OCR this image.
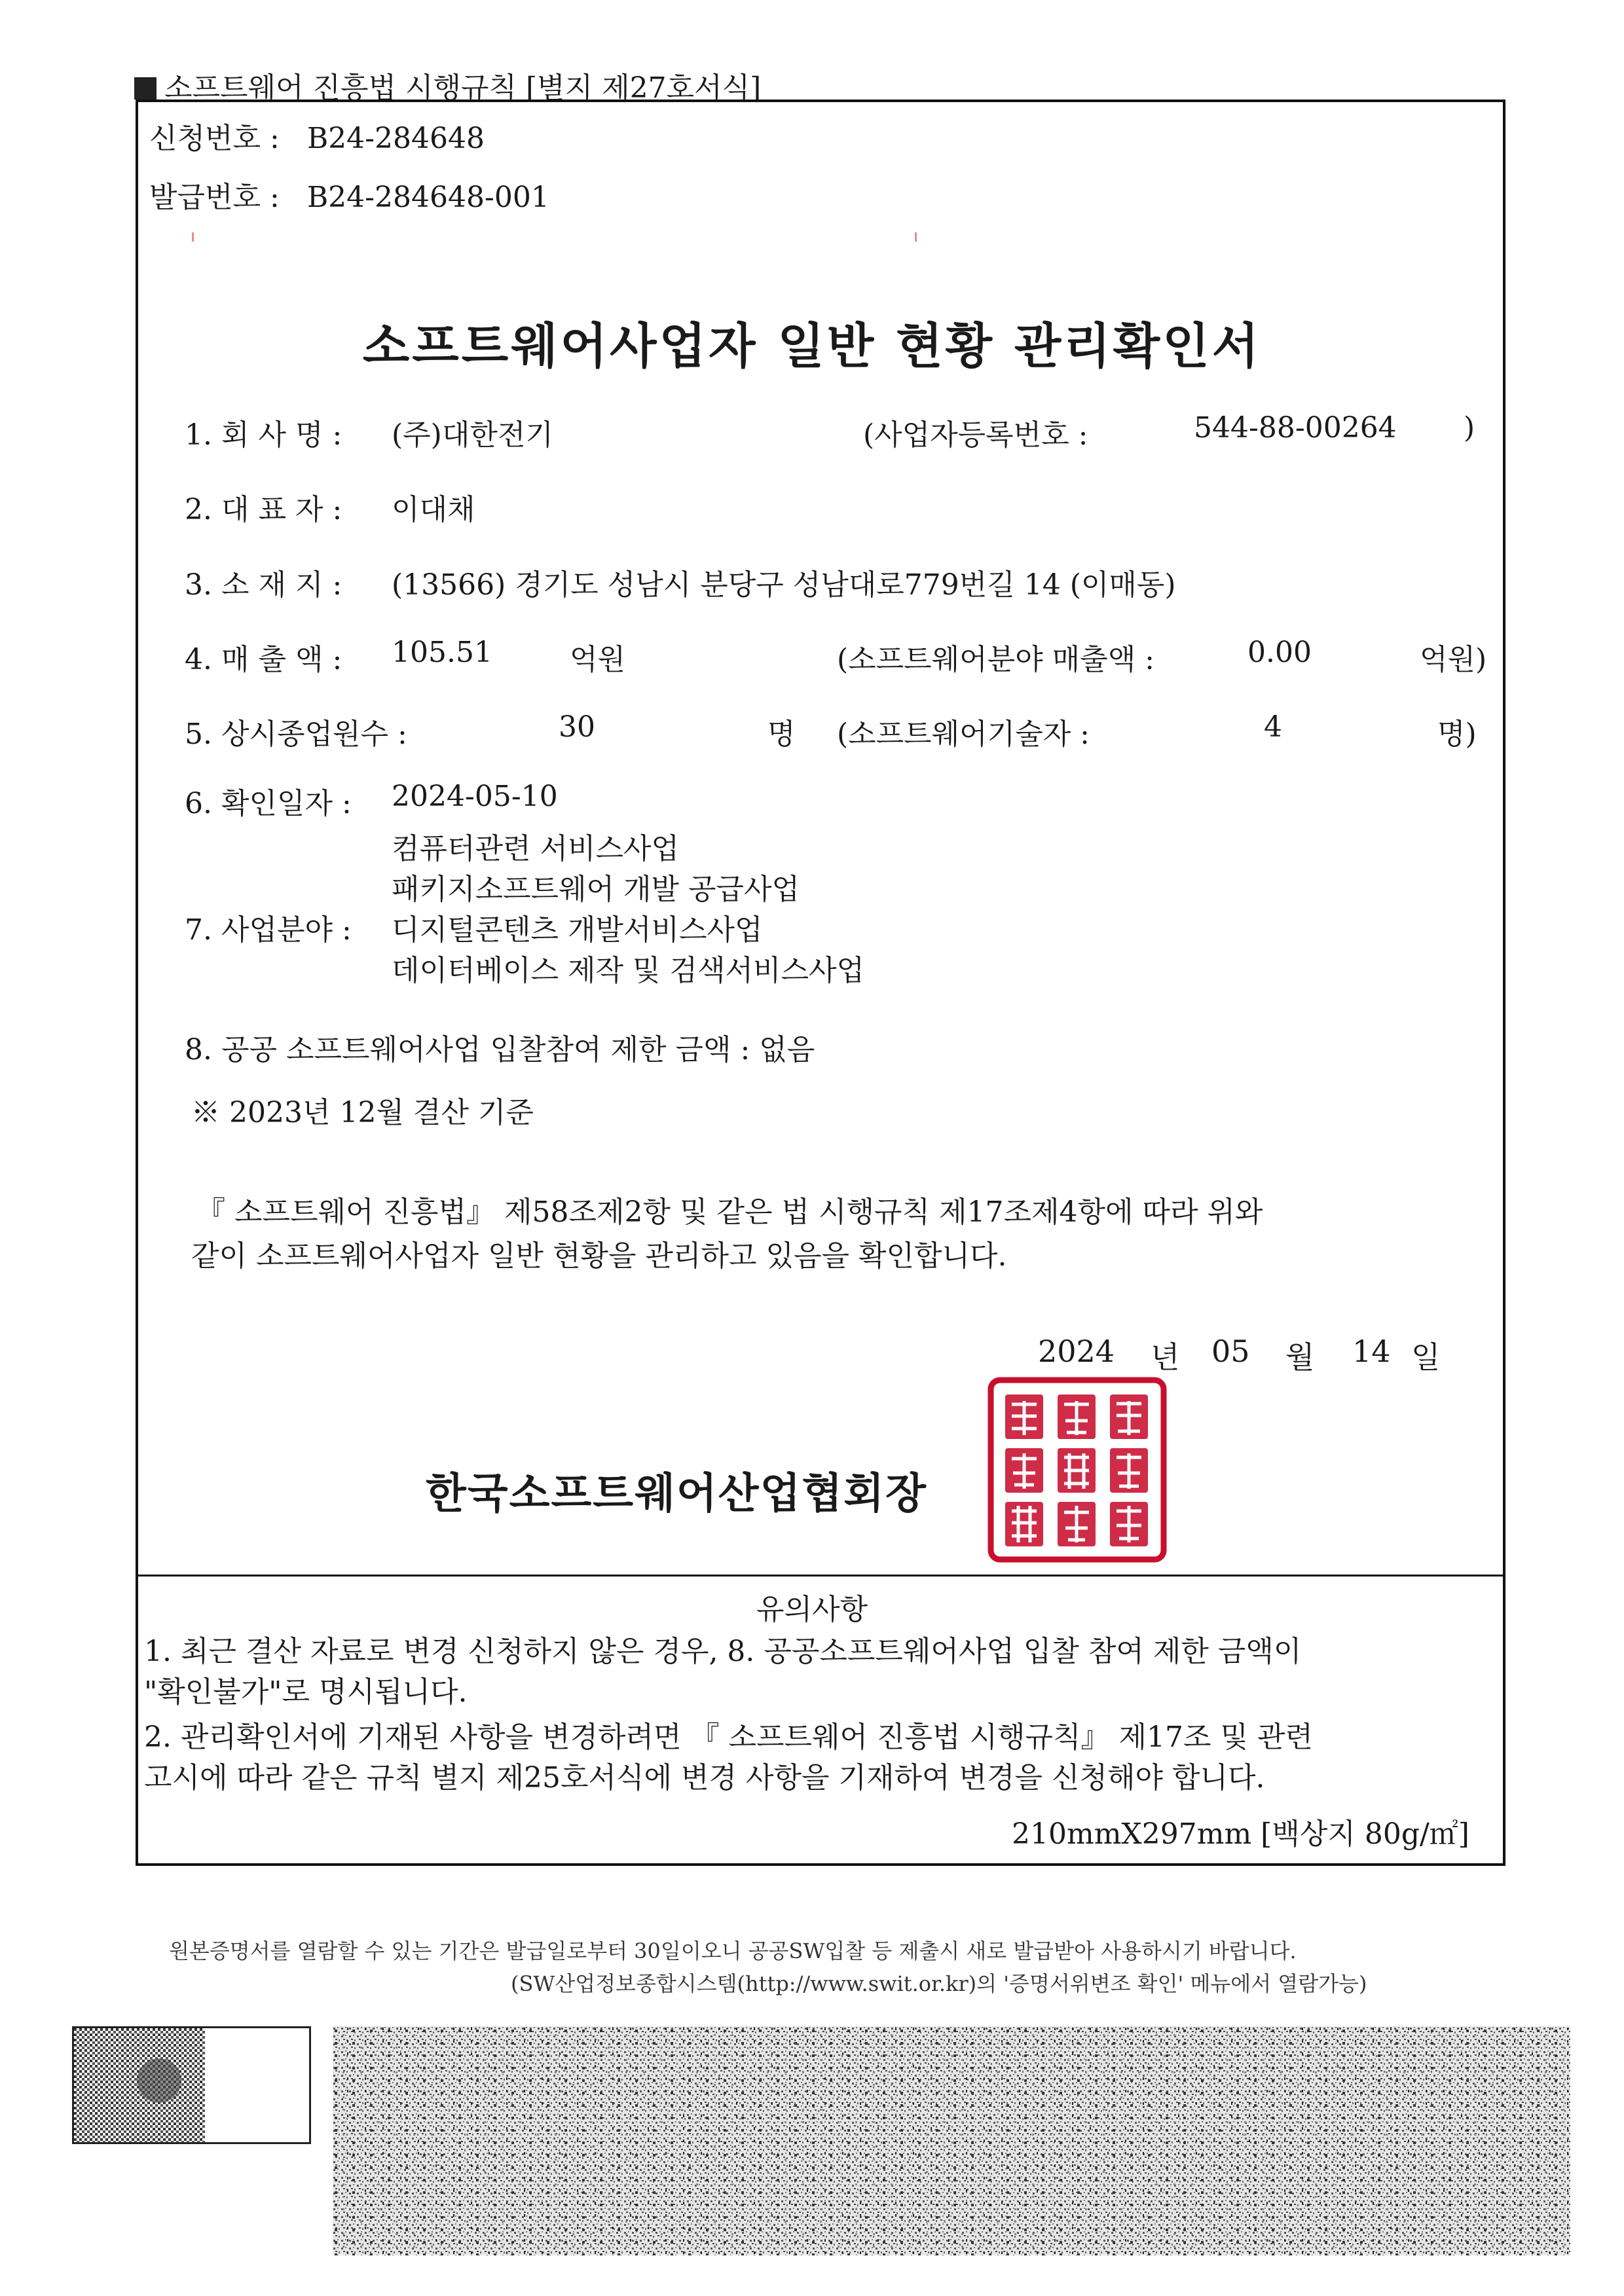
소프트웨어 진흥법 시행규칙 [별지 제27호서식]
신청번호 : B24-284648
발급번호 : B24-284648-001
소프트웨어사업자 일반 현황 관리확인서
1. 회 사 명 : (주)대한전기	(사업자등록번호 :	544-88-00264 )
2. 대 표 자 : 이대채
3. 소 재 지 : (13566) 경기도 성남시 분당구 성남대로779번길 14 (이매동)
4. 매 출 액 : 105.51	억원	(소프트웨어분야 매출액 :	0.00	억원)
5. 상시종업원수 :	30	명 (소프트웨어기술자 :	4	명)
6. 확인일자 : 2024-05-10
컴퓨터관련 서비스사업
패키지소프트웨어 개발 공급사업
7. 사업분야 : 디지털콘텐츠 개발서비스사업
데이터베이스 제작 및 검색서비스사업
8. 공공 소프트웨어사업 입찰참여 제한 금액 : 없음
※ 2023년 12월 결산 기준
『 소프트웨어 진흥법』 제58조제2항 및 같은 법 시행규칙 제17조제4항에 따라 위와
같이 소프트웨어사업자 일반 현황을 관리하고 있음을 확인합니다.
2024 년 05 월 14 일
한국소프트웨어산업협회장
유의사항
1. 최근 결산 자료로 변경 신청하지 않은 경우, 8. 공공소프트웨어사업 입찰 참여 제한 금액이
"확인불가"로 명시됩니다.
2. 관리확인서에 기재된 사항을 변경하려면 『 소프트웨어 진흥법 시행규칙』 제17조 및 관련
고시에 따라 같은 규칙 별지 제25호서식에 변경 사항을 기재하여 변경을 신청해야 합니다.
210mmX297mm [백상지 80g/㎡]
원본증명서를 열람할 수 있는 기간은 발급일로부터 30일이오니 공공SW입찰 등 제출시 새로 발급받아 사용하시기 바랍니다.
(SW산업정보종합시스템(http://www.swit.or.kr)의 '증명서위변조 확인' 메뉴에서 열람가능)
